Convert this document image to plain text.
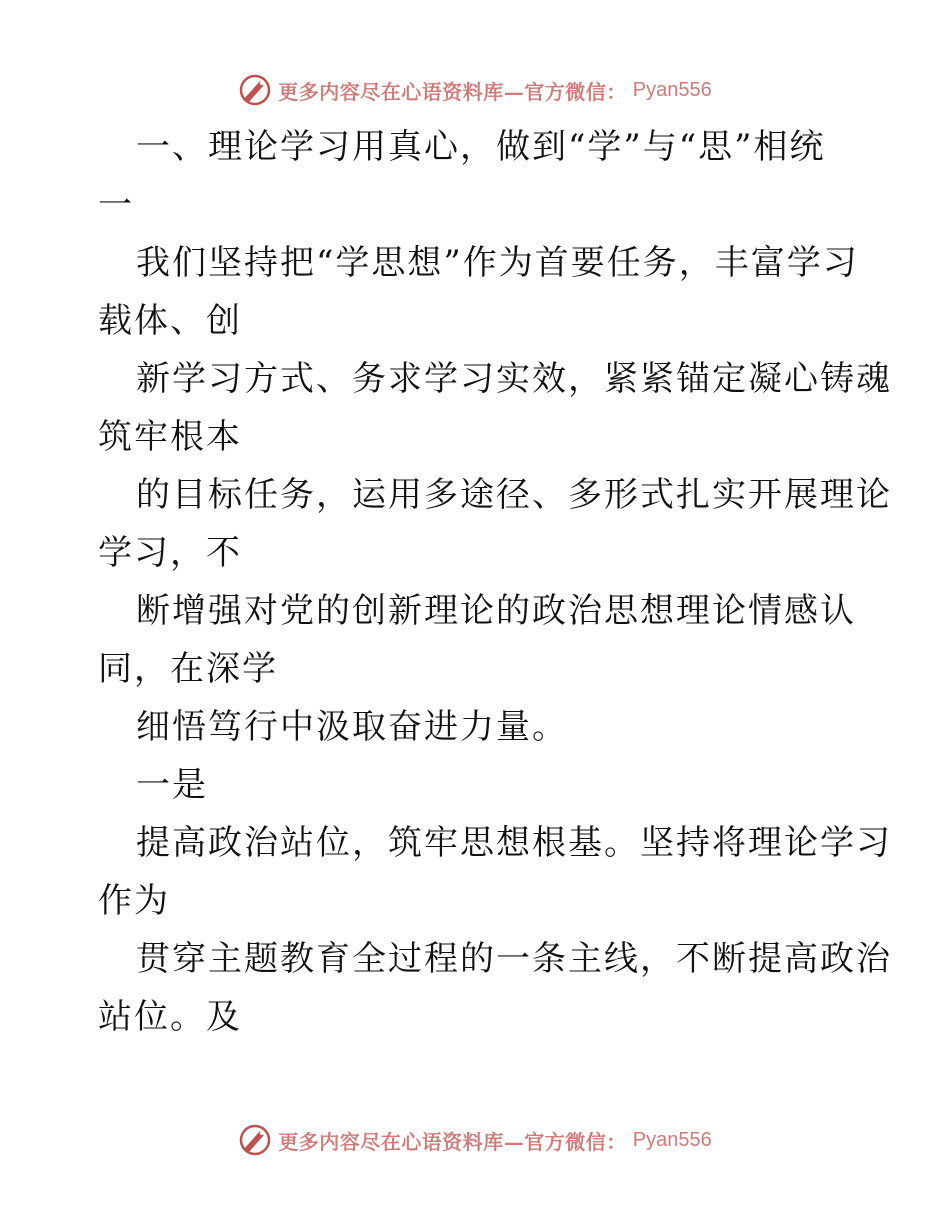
更多内容尽在心语资料库—官方微信： Pyan556
一、理论学习用真心，做到“学”与“思”相统
一
我们坚持把“学思想”作为首要任务，丰富学习
载体、创
新学习方式、务求学习实效，紧紧锚定凝心铸魂
筑牢根本
的目标任务，运用多途径、多形式扎实开展理论
学习，不
断增强对党的创新理论的政治思想理论情感认
同，在深学
细悟笃行中汲取奋进力量。
一是
提高政治站位，筑牢思想根基。坚持将理论学习
作为
贯穿主题教育全过程的一条主线，不断提高政治
站位。及
更多内容尽在心语资料库—官方微信： Pyan556
